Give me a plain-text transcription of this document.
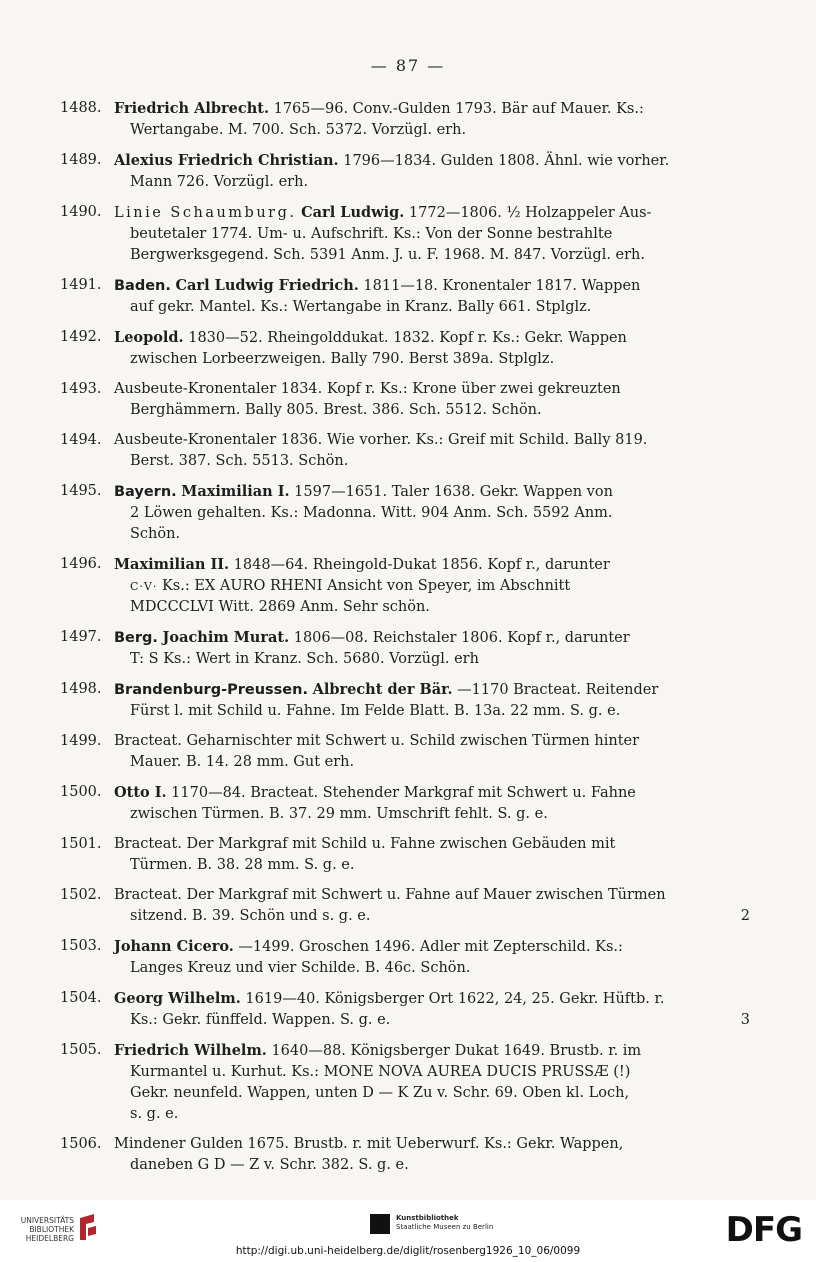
— 87 —
1488. Friedrich Albrecht. 1765—96. Conv.-Gulden 1793. Bär auf Mauer. Ks.:
Wertangabe. M. 700. Sch. 5372. Vorzügl. erh.
1489. Alexius Friedrich Christian. 1796—1834. Gulden 1808. Ähnl. wie vorher.
Mann 726. Vorzügl. erh.
1490. Linie Schaumburg. Carl Ludwig. 1772—1806. ½ Holzappeler Aus-
beutetaler 1774. Um- u. Aufschrift. Ks.: Von der Sonne bestrahlte
Bergwerksgegend. Sch. 5391 Anm. J. u. F. 1968. M. 847. Vorzügl. erh.
1491. Baden. Carl Ludwig Friedrich. 1811—18. Kronentaler 1817. Wappen
auf gekr. Mantel. Ks.: Wertangabe in Kranz. Bally 661. Stplglz.
1492. Leopold. 1830—52. Rheingolddukat. 1832. Kopf r. Ks.: Gekr. Wappen
zwischen Lorbeerzweigen. Bally 790. Berst 389a. Stplglz.
1493. Ausbeute-Kronentaler 1834. Kopf r. Ks.: Krone über zwei gekreuzten
Berghämmern. Bally 805. Brest. 386. Sch. 5512. Schön.
1494. Ausbeute-Kronentaler 1836. Wie vorher. Ks.: Greif mit Schild. Bally 819.
Berst. 387. Sch. 5513. Schön.
1495. Bayern. Maximilian I. 1597—1651. Taler 1638. Gekr. Wappen von
2 Löwen gehalten. Ks.: Madonna. Witt. 904 Anm. Sch. 5592 Anm.
Schön.
1496. Maximilian II. 1848—64. Rheingold-Dukat 1856. Kopf r., darunter
C·V· Ks.: EX AURO RHENI Ansicht von Speyer, im Abschnitt
MDCCCLVI Witt. 2869 Anm. Sehr schön.
1497. Berg. Joachim Murat. 1806—08. Reichstaler 1806. Kopf r., darunter
T: S Ks.: Wert in Kranz. Sch. 5680. Vorzügl. erh
1498. Brandenburg-Preussen. Albrecht der Bär. —1170 Bracteat. Reitender
Fürst l. mit Schild u. Fahne. Im Felde Blatt. B. 13a. 22 mm. S. g. e.
1499. Bracteat. Geharnischter mit Schwert u. Schild zwischen Türmen hinter
Mauer. B. 14. 28 mm. Gut erh.
1500. Otto I. 1170—84. Bracteat. Stehender Markgraf mit Schwert u. Fahne
zwischen Türmen. B. 37. 29 mm. Umschrift fehlt. S. g. e.
1501. Bracteat. Der Markgraf mit Schild u. Fahne zwischen Gebäuden mit
Türmen. B. 38. 28 mm. S. g. e.
1502. Bracteat. Der Markgraf mit Schwert u. Fahne auf Mauer zwischen Türmen
sitzend. B. 39. Schön und s. g. e.	2
1503. Johann Cicero. —1499. Groschen 1496. Adler mit Zepterschild. Ks.:
Langes Kreuz und vier Schilde. B. 46c. Schön.
1504. Georg Wilhelm. 1619—40. Königsberger Ort 1622, 24, 25. Gekr. Hüftb. r.
Ks.: Gekr. fünffeld. Wappen. S. g. e.	3
1505. Friedrich Wilhelm. 1640—88. Königsberger Dukat 1649. Brustb. r. im
Kurmantel u. Kurhut. Ks.: MONE NOVA AUREA DUCIS PRUSSÆ (!)
Gekr. neunfeld. Wappen, unten D — K Zu v. Schr. 69. Oben kl. Loch,
s. g. e.
1506. Mindener Gulden 1675. Brustb. r. mit Ueberwurf. Ks.: Gekr. Wappen,
daneben G D — Z v. Schr. 382. S. g. e.
UNIVERSITÄTS
BIBLIOTHEK
HEIDELBERG
Kunstbibliothek
Staatliche Museen zu Berlin	DFG
http://digi.ub.uni-heidelberg.de/diglit/rosenberg1926_10_06/0099
